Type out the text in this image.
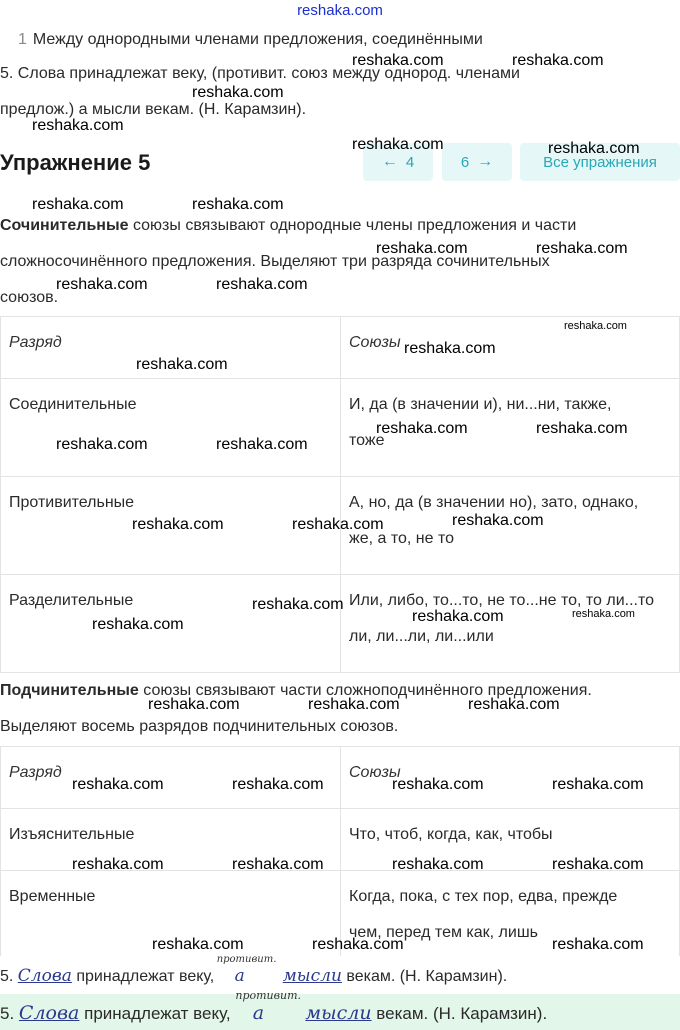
reshaka.com
1 Между однородными членами предложения, соединёнными
5. Слова принадлежат веку, (противит. союз между однород. членами
предлож.) а мысли векам. (Н. Карамзин).
Упражнение 5	← 4	6 →	Все упражнения
Сочинительные союзы связывают однородные члены предложения и части
сложносочинённого предложения. Выделяют три разряда сочинительных
союзов.
Разряд	Союзы
Соединительные	И, да (в значении и), ни...ни, также,
тоже

Противительные	А, но, да (в значении но), зато, однако,
же, а то, не то

Разделительные	Или, либо, то...то, не то...не то, то ли...то
ли, ли...ли, ли...или
Подчинительные союзы связывают части сложноподчинённого предложения.
Выделяют восемь разрядов подчинительных союзов.
Разряд	Союзы
Изъяснительные	Что, чтоб, когда, как, чтобы

Временные	Когда, пока, с тех пор, едва, прежде
чем, перед тем как, лишь
5. Слова принадлежат веку,
противит.
а мысли векам. (Н. Карамзин).
5. Слова принадлежат веку,
противит.
а мысли векам. (Н. Карамзин).
reshaka.com	reshaka.com
reshaka.com
reshaka.com
reshaka.com	reshaka.com
reshaka.com	reshaka.com
reshaka.com	reshaka.com
reshaka.com	reshaka.com
reshaka.com
reshaka.com
reshaka.com
reshaka.com	reshaka.com
reshaka.com	reshaka.com
reshaka.com
reshaka.com	reshaka.com
reshaka.com
reshaka.com	reshaka.com
reshaka.com
reshaka.com	reshaka.com	reshaka.com
reshaka.com	reshaka.com	reshaka.com	reshaka.com
reshaka.com	reshaka.com	reshaka.com	reshaka.com
reshaka.com	reshaka.com	reshaka.com
